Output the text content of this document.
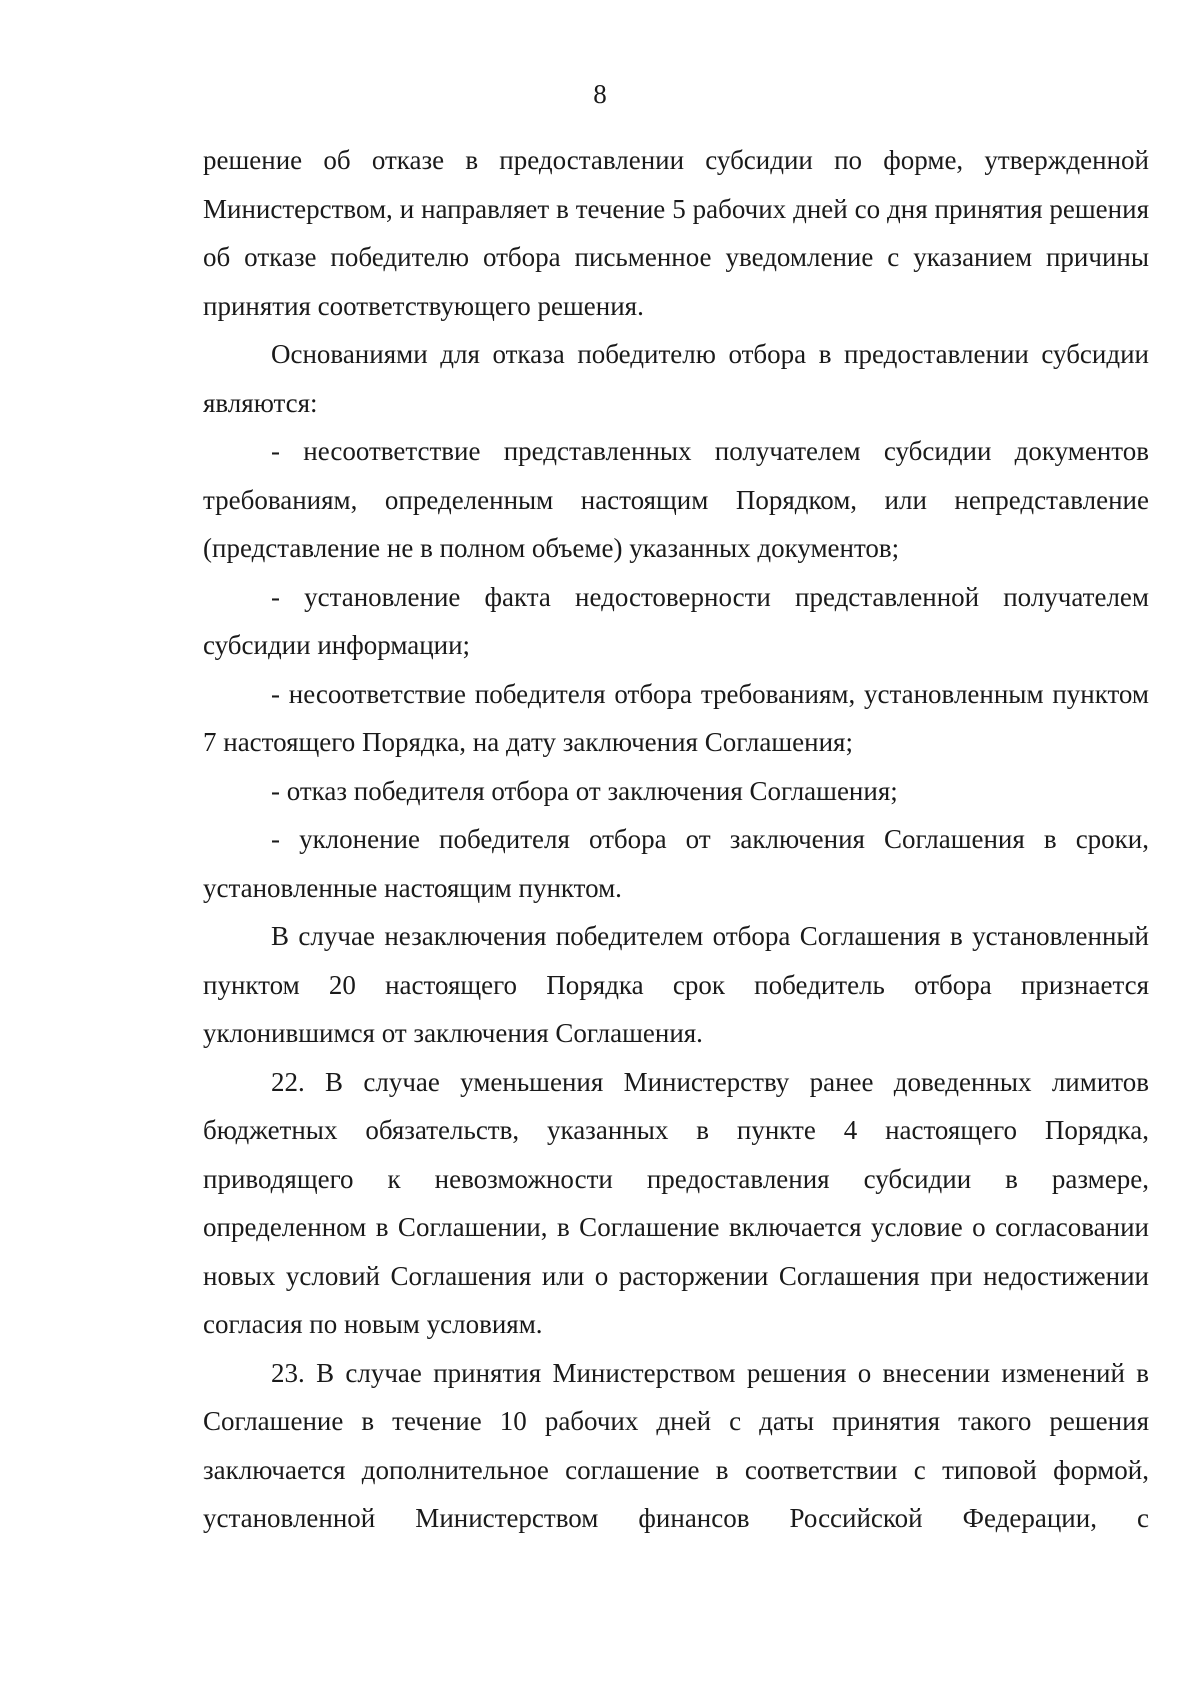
8

решение об отказе в предоставлении субсидии по форме, утвержденной Министерством, и направляет в течение 5 рабочих дней со дня принятия решения об отказе победителю отбора письменное уведомление с указанием причины принятия соответствующего решения.

Основаниями для отказа победителю отбора в предоставлении субсидии являются:

- несоответствие представленных получателем субсидии документов требованиям, определенным настоящим Порядком, или непредставление (представление не в полном объеме) указанных документов;

- установление факта недостоверности представленной получателем субсидии информации;

- несоответствие победителя отбора требованиям, установленным пунктом 7 настоящего Порядка, на дату заключения Соглашения;

- отказ победителя отбора от заключения Соглашения;

- уклонение победителя отбора от заключения Соглашения в сроки, установленные настоящим пунктом.

В случае незаключения победителем отбора Соглашения в установленный пунктом 20 настоящего Порядка срок победитель отбора признается уклонившимся от заключения Соглашения.

22. В случае уменьшения Министерству ранее доведенных лимитов бюджетных обязательств, указанных в пункте 4 настоящего Порядка, приводящего к невозможности предоставления субсидии в размере, определенном в Соглашении, в Соглашение включается условие о согласовании новых условий Соглашения или о расторжении Соглашения при недостижении согласия по новым условиям.

23. В случае принятия Министерством решения о внесении изменений в Соглашение в течение 10 рабочих дней с даты принятия такого решения заключается дополнительное соглашение в соответствии с типовой формой, установленной Министерством финансов Российской Федерации, с
